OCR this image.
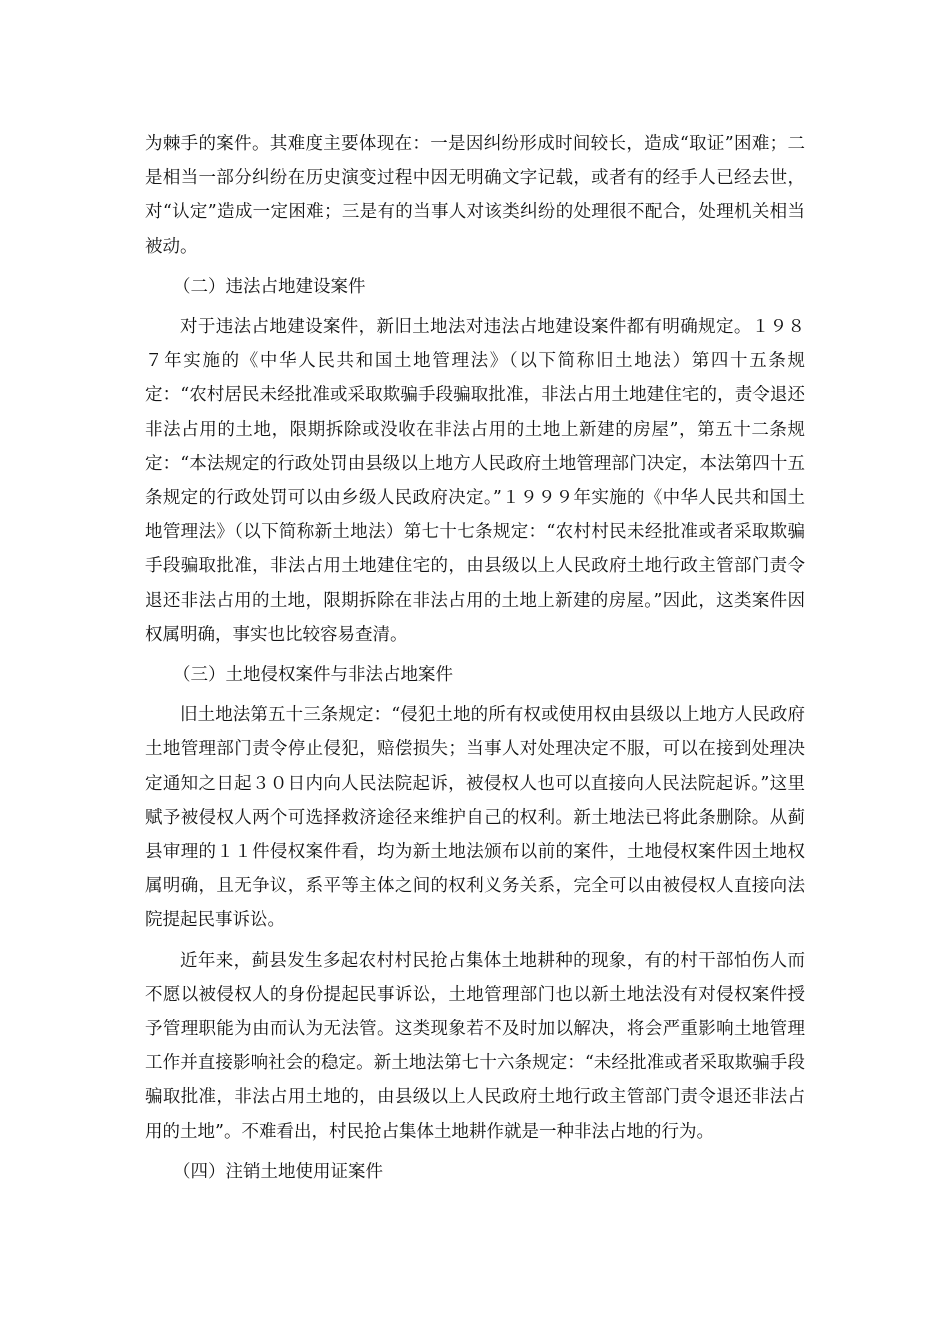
为棘手的案件。其难度主要体现在：一是因纠纷形成时间较长，造成“取证”困难；二是相当一部分纠纷在历史演变过程中因无明确文字记载，或者有的经手人已经去世，对“认定”造成一定困难；三是有的当事人对该类纠纷的处理很不配合，处理机关相当被动。

（二）违法占地建设案件

对于违法占地建设案件，新旧土地法对违法占地建设案件都有明确规定。１９８７年实施的《中华人民共和国土地管理法》（以下简称旧土地法）第四十五条规定：“农村居民未经批准或采取欺骗手段骗取批准，非法占用土地建住宅的，责令退还非法占用的土地，限期拆除或没收在非法占用的土地上新建的房屋”，第五十二条规定：“本法规定的行政处罚由县级以上地方人民政府土地管理部门决定，本法第四十五条规定的行政处罚可以由乡级人民政府决定。”１９９９年实施的《中华人民共和国土地管理法》（以下简称新土地法）第七十七条规定：“农村村民未经批准或者采取欺骗手段骗取批准，非法占用土地建住宅的，由县级以上人民政府土地行政主管部门责令退还非法占用的土地，限期拆除在非法占用的土地上新建的房屋。”因此，这类案件因权属明确，事实也比较容易查清。

（三）土地侵权案件与非法占地案件

旧土地法第五十三条规定：“侵犯土地的所有权或使用权由县级以上地方人民政府土地管理部门责令停止侵犯，赔偿损失；当事人对处理决定不服，可以在接到处理决定通知之日起３０日内向人民法院起诉，被侵权人也可以直接向人民法院起诉。”这里赋予被侵权人两个可选择救济途径来维护自己的权利。新土地法已将此条删除。从蓟县审理的１１件侵权案件看，均为新土地法颁布以前的案件，土地侵权案件因土地权属明确，且无争议，系平等主体之间的权利义务关系，完全可以由被侵权人直接向法院提起民事诉讼。

近年来，蓟县发生多起农村村民抢占集体土地耕种的现象，有的村干部怕伤人而不愿以被侵权人的身份提起民事诉讼，土地管理部门也以新土地法没有对侵权案件授予管理职能为由而认为无法管。这类现象若不及时加以解决，将会严重影响土地管理工作并直接影响社会的稳定。新土地法第七十六条规定：“未经批准或者采取欺骗手段骗取批准，非法占用土地的，由县级以上人民政府土地行政主管部门责令退还非法占用的土地”。不难看出，村民抢占集体土地耕作就是一种非法占地的行为。

（四）注销土地使用证案件
